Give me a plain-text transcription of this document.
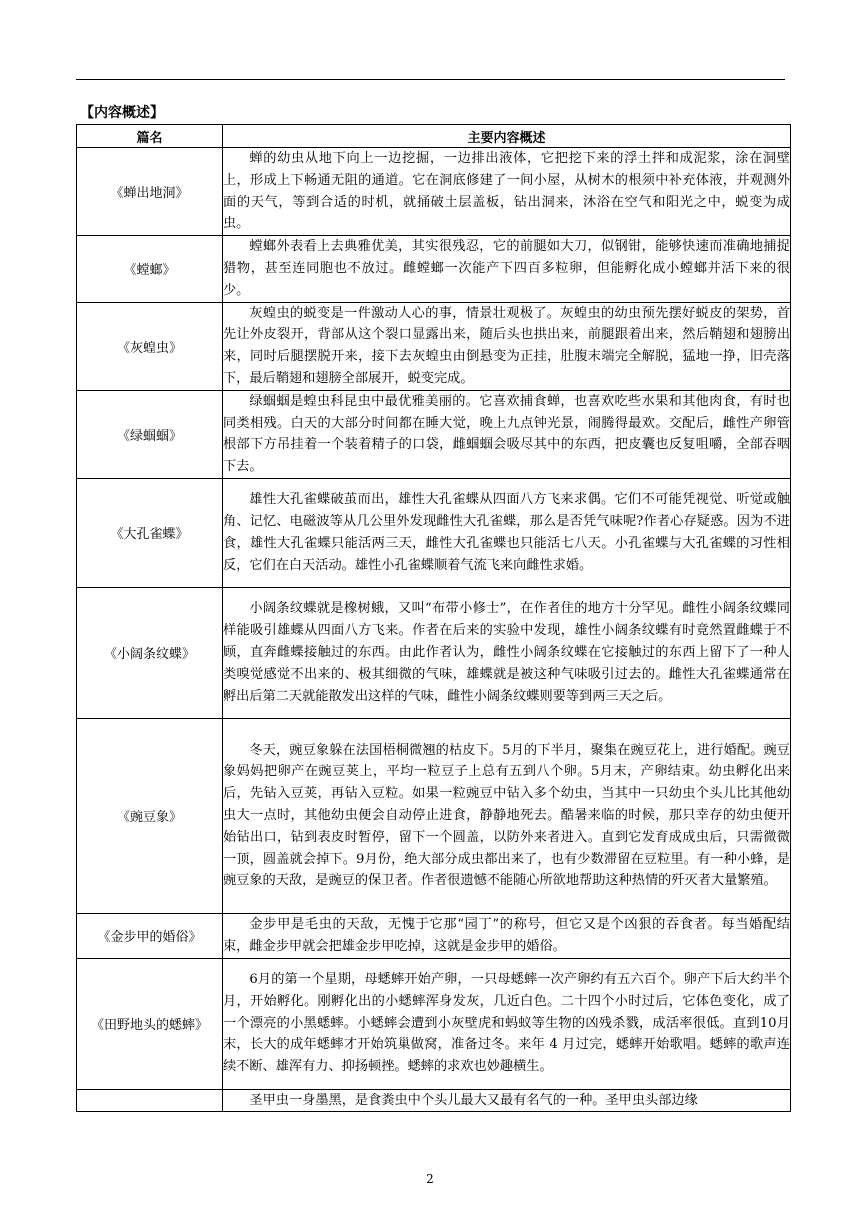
【内容概述】
篇名	主要内容概述
《蝉出地洞》	蝉的幼虫从地下向上一边挖掘，一边排出液体，它把挖下来的浮土拌和成泥浆，涂在洞壁上，形成上下畅通无阻的通道。它在洞底修建了一间小屋，从树木的根须中补充体液，并观测外面的天气，等到合适的时机，就捅破土层盖板，钻出洞来，沐浴在空气和阳光之中，蜕变为成虫。
《螳螂》	螳螂外表看上去典雅优美，其实很残忍，它的前腿如大刀，似钢钳，能够快速而准确地捕捉猎物，甚至连同胞也不放过。雌螳螂一次能产下四百多粒卵，但能孵化成小螳螂并活下来的很少。
《灰蝗虫》	灰蝗虫的蜕变是一件激动人心的事，情景壮观极了。灰蝗虫的幼虫预先摆好蜕皮的架势，首先让外皮裂开，背部从这个裂口显露出来，随后头也拱出来，前腿跟着出来，然后鞘翅和翅膀出来，同时后腿摆脱开来，接下去灰蝗虫由倒悬变为正挂，肚腹末端完全解脱，猛地一挣，旧壳落下，最后鞘翅和翅膀全部展开，蜕变完成。
《绿蝈蝈》	绿蝈蝈是蝗虫科昆虫中最优雅美丽的。它喜欢捕食蝉，也喜欢吃些水果和其他肉食，有时也同类相残。白天的大部分时间都在睡大觉，晚上九点钟光景，闹腾得最欢。交配后，雌性产卵管根部下方吊挂着一个装着精子的口袋，雌蝈蝈会吸尽其中的东西，把皮囊也反复咀嚼，全部吞咽下去。
《大孔雀蝶》	雄性大孔雀蝶破茧而出，雄性大孔雀蝶从四面八方飞来求偶。它们不可能凭视觉、听觉或触角、记忆、电磁波等从几公里外发现雌性大孔雀蝶，那么是否凭气味呢?作者心存疑惑。因为不进食，雄性大孔雀蝶只能活两三天，雌性大孔雀蝶也只能活七八天。小孔雀蝶与大孔雀蝶的习性相反，它们在白天活动。雄性小孔雀蝶顺着气流飞来向雌性求婚。
《小阔条纹蝶》	小阔条纹蝶就是橡树蛾，又叫“布带小修士”，在作者住的地方十分罕见。雌性小阔条纹蝶同样能吸引雄蝶从四面八方飞来。作者在后来的实验中发现，雄性小阔条纹蝶有时竟然置雌蝶于不顾，直奔雌蝶接触过的东西。由此作者认为，雌性小阔条纹蝶在它接触过的东西上留下了一种人类嗅觉感觉不出来的、极其细微的气味，雄蝶就是被这种气味吸引过去的。雌性大孔雀蝶通常在孵出后第二天就能散发出这样的气味，雌性小阔条纹蝶则要等到两三天之后。
《豌豆象》	冬天，豌豆象躲在法国梧桐微翘的枯皮下。5月的下半月，聚集在豌豆花上，进行婚配。豌豆象妈妈把卵产在豌豆荚上，平均一粒豆子上总有五到八个卵。5月末，产卵结束。幼虫孵化出来后，先钻入豆荚，再钻入豆粒。如果一粒豌豆中钻入多个幼虫，当其中一只幼虫个头儿比其他幼虫大一点时，其他幼虫便会自动停止进食，静静地死去。酷暑来临的时候，那只幸存的幼虫便开始钻出口，钻到表皮时暂停，留下一个圆盖，以防外来者进入。直到它发育成成虫后，只需微微一顶，圆盖就会掉下。9月份，绝大部分成虫都出来了，也有少数滞留在豆粒里。有一种小蜂，是豌豆象的天敌，是豌豆的保卫者。作者很遗憾不能随心所欲地帮助这种热情的歼灭者大量繁殖。
《金步甲的婚俗》	金步甲是毛虫的天敌，无愧于它那“园丁”的称号，但它又是个凶狠的吞食者。每当婚配结束，雌金步甲就会把雄金步甲吃掉，这就是金步甲的婚俗。
《田野地头的蟋蟀》	6月的第一个星期，母蟋蟀开始产卵，一只母蟋蟀一次产卵约有五六百个。卵产下后大约半个月，开始孵化。刚孵化出的小蟋蟀浑身发灰，几近白色。二十四个小时过后，它体色变化，成了一个漂亮的小黑蟋蟀。小蟋蟀会遭到小灰壁虎和蚂蚁等生物的凶残杀戮，成活率很低。直到10月末，长大的成年蟋蟀才开始筑巢做窝，准备过冬。来年 4 月过完，蟋蟀开始歌唱。蟋蟀的歌声连续不断、雄浑有力、抑扬顿挫。蟋蟀的求欢也妙趣横生。
	圣甲虫一身墨黑，是食粪虫中个头儿最大又最有名气的一种。圣甲虫头部边缘
2
